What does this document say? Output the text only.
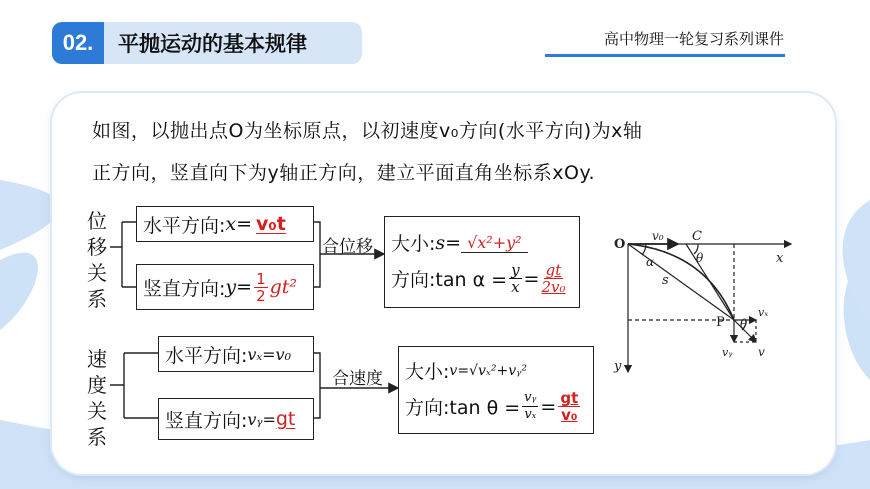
02.	平抛运动的基本规律	高中物理一轮复习系列课件
如图，以抛出点O为坐标原点，以初速度v₀方向(水平方向)为x轴
正方向，竖直向下为y轴正方向，建立平面直角坐标系xOy.
位移关系
水平方向: x= v₀t
竖直方向: $y= \frac{1}{2} gt^2$
合位移 大小: s= √x²+y²
方向:tan $\alpha = \frac{y}{x} = \frac{gt}{\text{2v₀}}$
速度关系
水平方向: vₓ=v₀
竖直方向: vᵧ= gt
合速度 大小: v=√vₓ²+vᵧ²
方向:tan $\theta = \frac{\text{vᵧ}}{\text{vₓ}} = \frac{gt}{\text{v₀}}$
O
x
y
v₀ C
θ
α
s
P θ
vₓ
vᵧ v
